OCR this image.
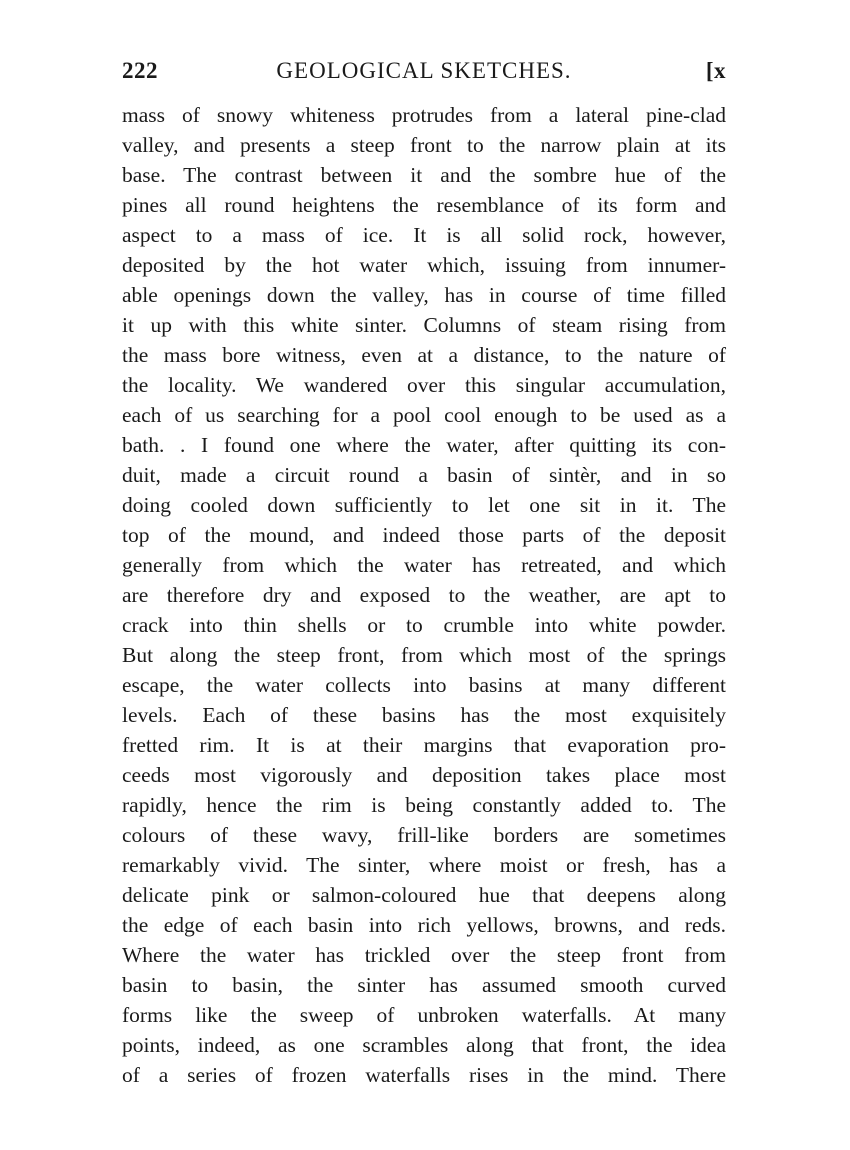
222	GEOLOGICAL SKETCHES.	[x
mass of snowy whiteness protrudes from a lateral pine-clad
valley, and presents a steep front to the narrow plain at its
base. The contrast between it and the sombre hue of the
pines all round heightens the resemblance of its form and
aspect to a mass of ice. It is all solid rock, however,
deposited by the hot water which, issuing from innumer-
able openings down the valley, has in course of time filled
it up with this white sinter. Columns of steam rising from
the mass bore witness, even at a distance, to the nature of
the locality. We wandered over this singular accumulation,
each of us searching for a pool cool enough to be used as a
bath. . I found one where the water, after quitting its con-
duit, made a circuit round a basin of sintèr, and in so
doing cooled down sufficiently to let one sit in it. The
top of the mound, and indeed those parts of the deposit
generally from which the water has retreated, and which
are therefore dry and exposed to the weather, are apt to
crack into thin shells or to crumble into white powder.
But along the steep front, from which most of the springs
escape, the water collects into basins at many different
levels. Each of these basins has the most exquisitely
fretted rim. It is at their margins that evaporation pro-
ceeds most vigorously and deposition takes place most
rapidly, hence the rim is being constantly added to. The
colours of these wavy, frill-like borders are sometimes
remarkably vivid. The sinter, where moist or fresh, has a
delicate pink or salmon-coloured hue that deepens along
the edge of each basin into rich yellows, browns, and reds.
Where the water has trickled over the steep front from
basin to basin, the sinter has assumed smooth curved
forms like the sweep of unbroken waterfalls. At many
points, indeed, as one scrambles along that front, the idea
of a series of frozen waterfalls rises in the mind. There
